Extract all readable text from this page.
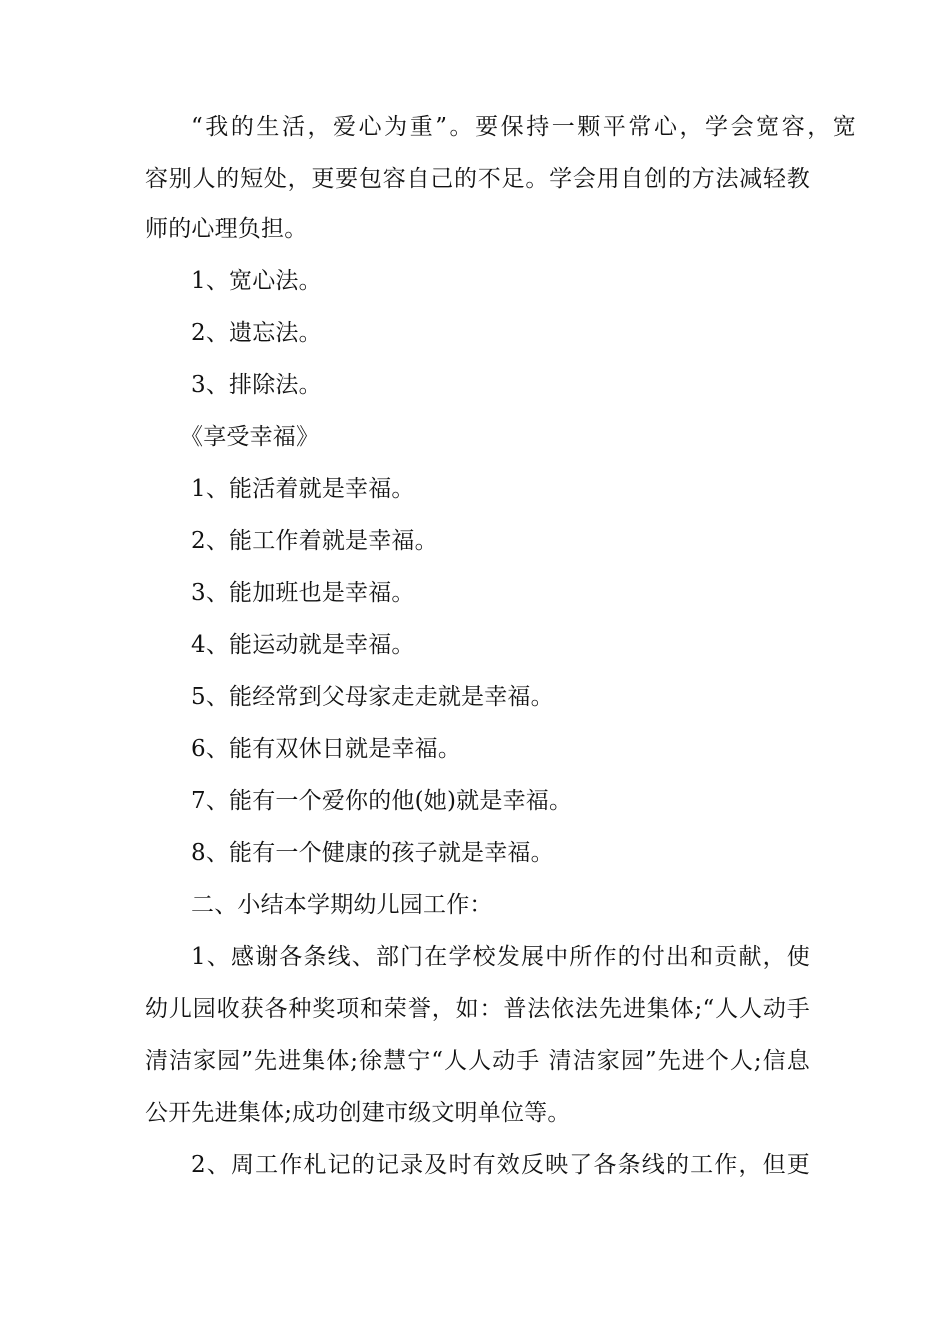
“我的生活，爱心为重”。要保持一颗平常心，学会宽容，宽
容别人的短处，更要包容自己的不足。学会用自创的方法减轻教
师的心理负担。
1、宽心法。
2、遗忘法。
3、排除法。
《享受幸福》
1、能活着就是幸福。
2、能工作着就是幸福。
3、能加班也是幸福。
4、能运动就是幸福。
5、能经常到父母家走走就是幸福。
6、能有双休日就是幸福。
7、能有一个爱你的他(她)就是幸福。
8、能有一个健康的孩子就是幸福。
二、小结本学期幼儿园工作：
1、感谢各条线、部门在学校发展中所作的付出和贡献，使
幼儿园收获各种奖项和荣誉，如：普法依法先进集体;“人人动手
清洁家园”先进集体;徐慧宁“人人动手 清洁家园”先进个人;信息
公开先进集体;成功创建市级文明单位等。
2、周工作札记的记录及时有效反映了各条线的工作，但更
